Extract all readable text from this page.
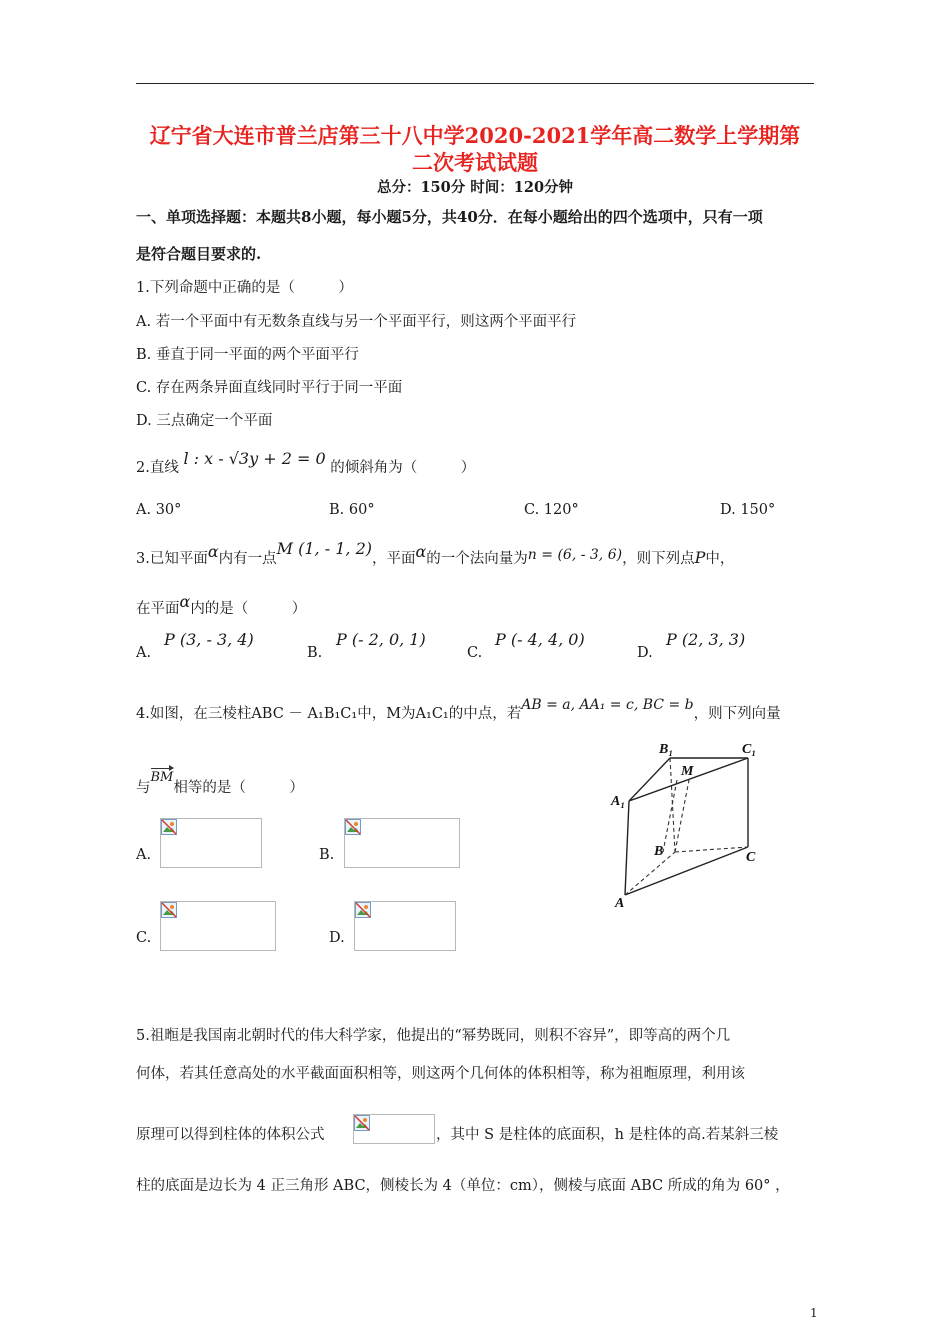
辽宁省大连市普兰店第三十八中学2020-2021学年高二数学上学期第
二次考试试题
总分：150分 时间：120分钟
一、单项选择题：本题共8小题，每小题5分，共40分．在每小题给出的四个选项中，只有一项
是符合题目要求的.
1.下列命题中正确的是（　　　）
A. 若一个平面中有无数条直线与另一个平面平行，则这两个平面平行
B. 垂直于同一平面的两个平面平行
C. 存在两条异面直线同时平行于同一平面
D. 三点确定一个平面
2.直线 l : x - √3y + 2 = 0 的倾斜角为（　　　）
A. 30°	B. 60°	C. 120°	D. 150°
3.已知平面α内有一点M (1, - 1, 2)，平面α的一个法向量为n = (6, - 3, 6)，则下列点P中，
在平面α内的是（　　　）
A.
P (3, - 3, 4)
B.
P (- 2, 0, 1)
C.
P (- 4, 4, 0)
D.
P (2, 3, 3)
4.如图，在三棱柱ABC － A₁B₁C₁中，M为A₁C₁的中点，若AB = a, AA₁ = c, BC = b，则下列向量
与BM相等的是（　　　）
A.	B.
C.	D.
B₁	C₁
M
A₁
B	C
A
5.祖暅是我国南北朝时代的伟大科学家，他提出的“幂势既同，则积不容异”，即等高的两个几
何体，若其任意高处的水平截面面积相等，则这两个几何体的体积相等，称为祖暅原理，利用该
原理可以得到柱体的体积公式	，其中 S 是柱体的底面积，h 是柱体的高.若某斜三棱
柱的底面是边长为 4 正三角形 ABC，侧棱长为 4（单位：cm），侧棱与底面 ABC 所成的角为 60° ，
1
